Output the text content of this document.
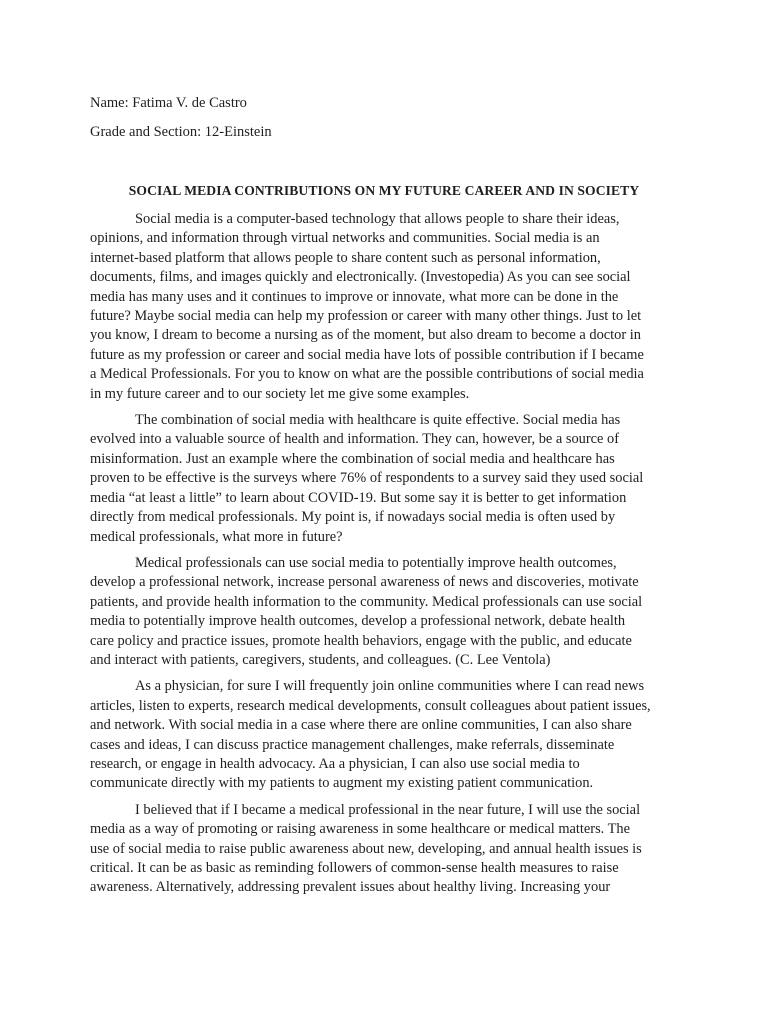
Name: Fatima V. de Castro
Grade and Section: 12-Einstein
SOCIAL MEDIA CONTRIBUTIONS ON MY FUTURE CAREER AND IN SOCIETY

Social media is a computer-based technology that allows people to share their ideas,
opinions, and information through virtual networks and communities. Social media is an
internet-based platform that allows people to share content such as personal information,
documents, films, and images quickly and electronically. (Investopedia) As you can see social
media has many uses and it continues to improve or innovate, what more can be done in the
future? Maybe social media can help my profession or career with many other things. Just to let
you know, I dream to become a nursing as of the moment, but also dream to become a doctor in
future as my profession or career and social media have lots of possible contribution if I became
a Medical Professionals. For you to know on what are the possible contributions of social media
in my future career and to our society let me give some examples.

The combination of social media with healthcare is quite effective. Social media has
evolved into a valuable source of health and information. They can, however, be a source of
misinformation. Just an example where the combination of social media and healthcare has
proven to be effective is the surveys where 76% of respondents to a survey said they used social
media “at least a little” to learn about COVID-19. But some say it is better to get information
directly from medical professionals. My point is, if nowadays social media is often used by
medical professionals, what more in future?

Medical professionals can use social media to potentially improve health outcomes,
develop a professional network, increase personal awareness of news and discoveries, motivate
patients, and provide health information to the community. Medical professionals can use social
media to potentially improve health outcomes, develop a professional network, debate health
care policy and practice issues, promote health behaviors, engage with the public, and educate
and interact with patients, caregivers, students, and colleagues. (C. Lee Ventola)

As a physician, for sure I will frequently join online communities where I can read news
articles, listen to experts, research medical developments, consult colleagues about patient issues,
and network. With social media in a case where there are online communities, I can also share
cases and ideas, I can discuss practice management challenges, make referrals, disseminate
research, or engage in health advocacy. Aa a physician, I can also use social media to
communicate directly with my patients to augment my existing patient communication.

I believed that if I became a medical professional in the near future, I will use the social
media as a way of promoting or raising awareness in some healthcare or medical matters. The
use of social media to raise public awareness about new, developing, and annual health issues is
critical. It can be as basic as reminding followers of common-sense health measures to raise
awareness. Alternatively, addressing prevalent issues about healthy living. Increasing your
